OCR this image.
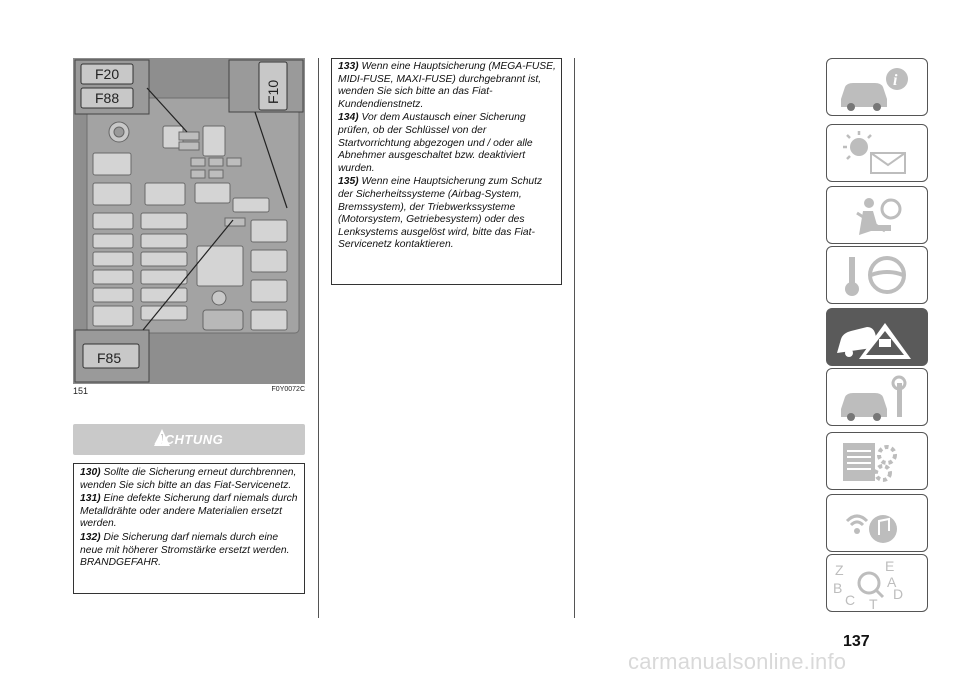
F20
F88	F10
F85
151	F0Y0072C
ACHTUNG

130) Sollte die Sicherung erneut durchbrennen, wenden Sie sich bitte an das Fiat-Servicenetz.

131) Eine defekte Sicherung darf niemals durch Metalldrähte oder andere Materialien ersetzt werden.

132) Die Sicherung darf niemals durch eine neue mit höherer Stromstärke ersetzt werden. BRANDGEFAHR.

133) Wenn eine Hauptsicherung (MEGA-FUSE, MIDI-FUSE, MAXI-FUSE) durchgebrannt ist, wenden Sie sich bitte an das Fiat-Kundendienstnetz.

134) Vor dem Austausch einer Sicherung prüfen, ob der Schlüssel von der Startvorrichtung abgezogen und / oder alle Abnehmer ausgeschaltet bzw. deaktiviert wurden.

135) Wenn eine Hauptsicherung zum Schutz der Sicherheitssysteme (Airbag-System, Bremssystem), der Triebwerkssysteme (Motorsystem, Getriebesystem) oder des Lenksystems ausgelöst wird, bitte das Fiat-Servicenetz kontaktieren.

i
Z
B
C
E
A
D
T
137
carmanualsonline.info
